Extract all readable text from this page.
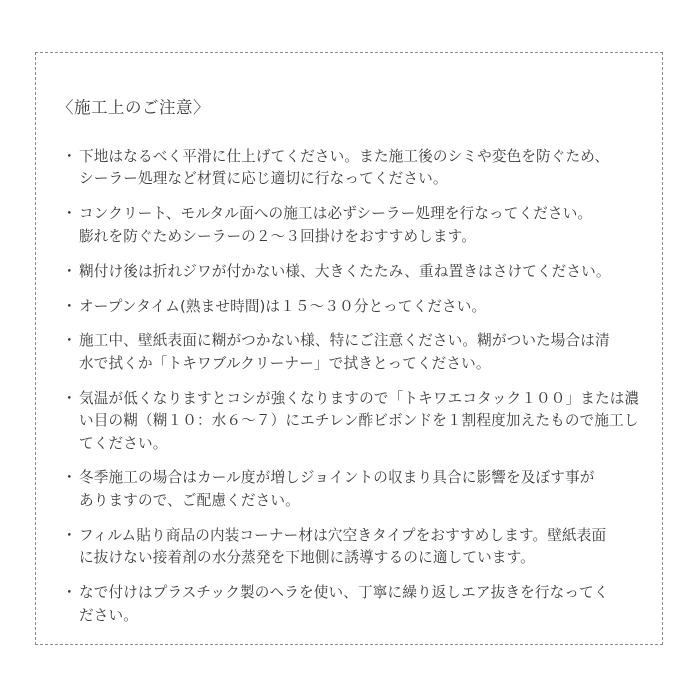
〈施工上のご注意〉
・ 下地はなるべく平滑に仕上げてください。また施工後のシミや変色を防ぐため、
シーラー処理など材質に応じ適切に行なってください。
・ コンクリート、モルタル面への施工は必ずシーラー処理を行なってください。
膨れを防ぐためシーラーの２～３回掛けをおすすめします。
・ 糊付け後は折れジワが付かない様、大きくたたみ、重ね置きはさけてください。
・ オープンタイム(熟ませ時間)は１５～３０分とってください。
・ 施工中、壁紙表面に糊がつかない様、特にご注意ください。糊がついた場合は清
水で拭くか「トキワブルクリーナー」で拭きとってください。
・ 気温が低くなりますとコシが強くなりますので「トキワエコタック１００」または濃
い目の糊（糊１０：水６～７）にエチレン酢ビボンドを１割程度加えたもので施工し
てください。
・ 冬季施工の場合はカール度が増しジョイントの収まり具合に影響を及ぼす事が
ありますので、ご配慮ください。
・ フィルム貼り商品の内装コーナー材は穴空きタイプをおすすめします。壁紙表面
に抜けない接着剤の水分蒸発を下地側に誘導するのに適しています。
・ なで付けはプラスチック製のヘラを使い、丁寧に繰り返しエア抜きを行なってく
ださい。
